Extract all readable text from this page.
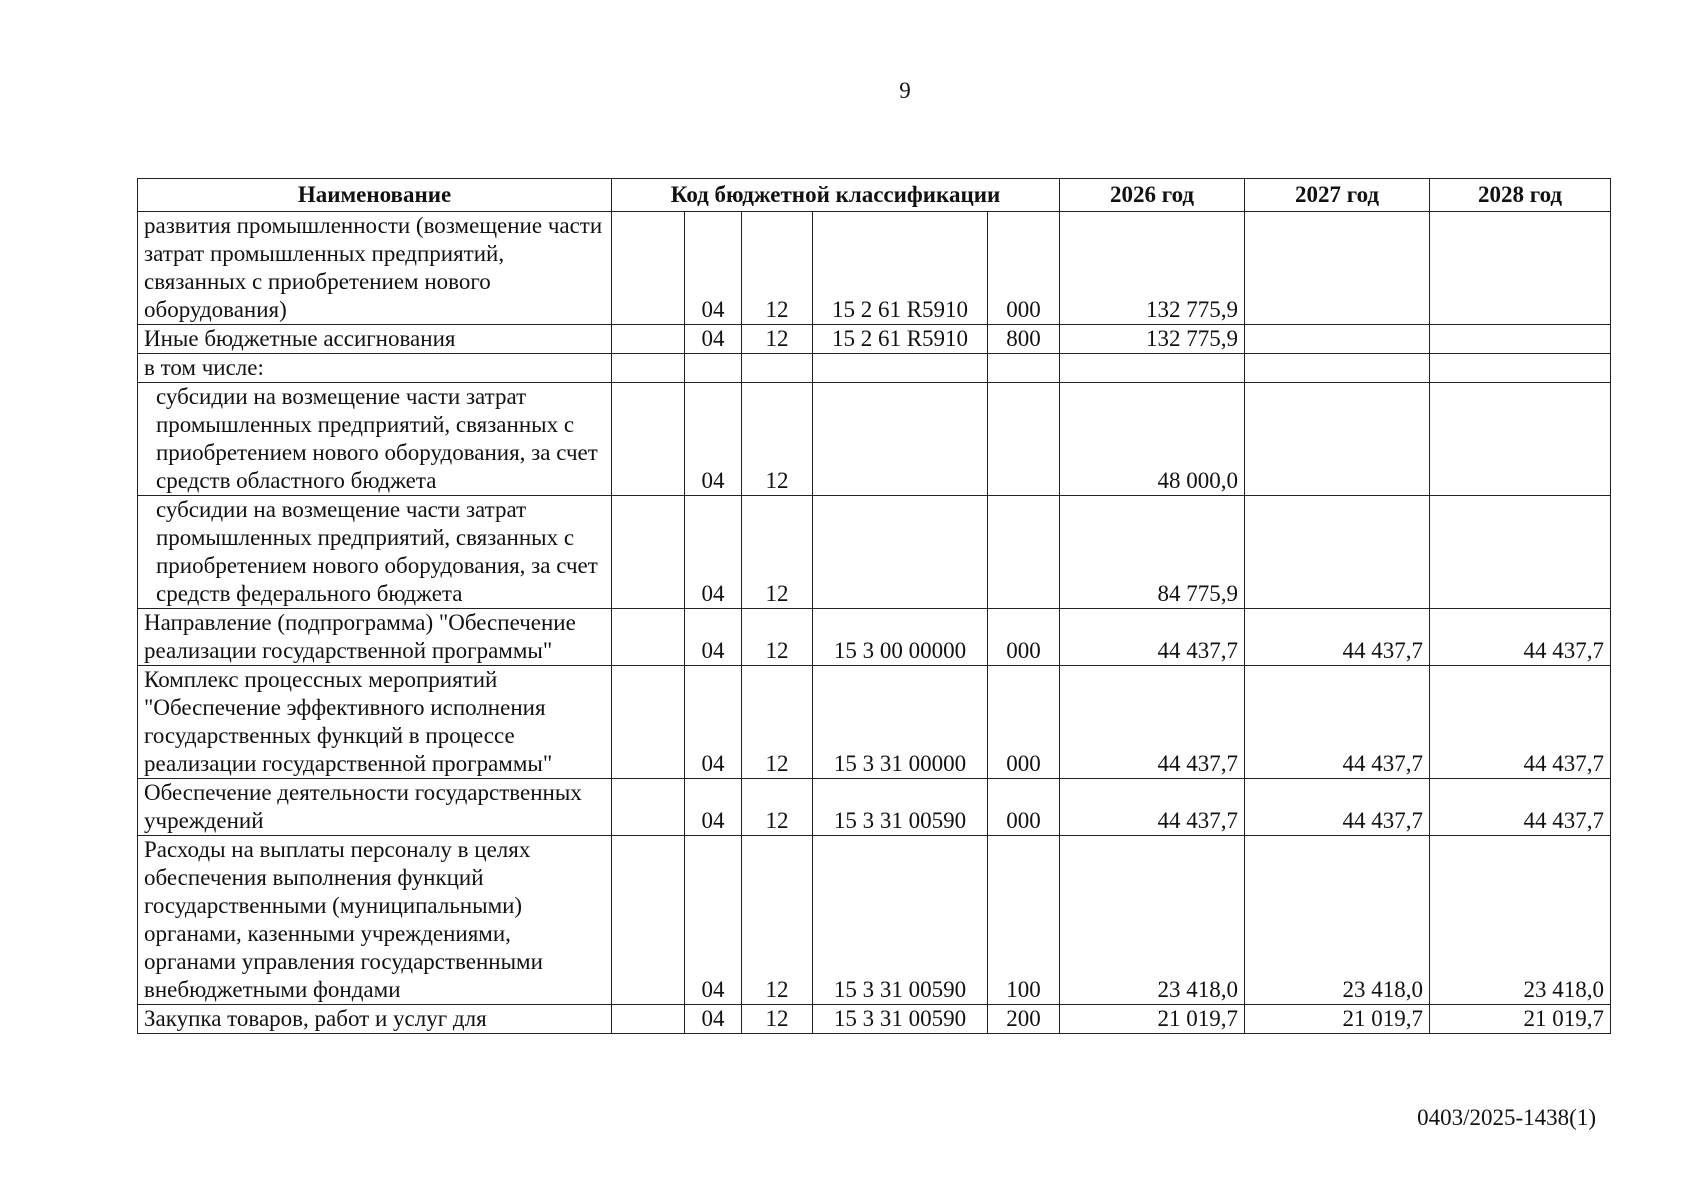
9
Наименование	Код бюджетной классификации					2026 год	2027 год	2028 год
развития промышленности (возмещение части затрат промышленных предприятий, связанных с приобретением нового оборудования)		04	12	15 2 61 R5910	000	132 775,9		
Иные бюджетные ассигнования		04	12	15 2 61 R5910	800	132 775,9		
в том числе:								
субсидии на возмещение части затрат промышленных предприятий, связанных с приобретением нового оборудования, за счет средств областного бюджета		04	12			48 000,0		
субсидии на возмещение части затрат промышленных предприятий, связанных с приобретением нового оборудования, за счет средств федерального бюджета		04	12			84 775,9		
Направление (подпрограмма) "Обеспечение реализации государственной программы"		04	12	15 3 00 00000	000	44 437,7	44 437,7	44 437,7
Комплекс процессных мероприятий "Обеспечение эффективного исполнения государственных функций в процессе реализации государственной программы"		04	12	15 3 31 00000	000	44 437,7	44 437,7	44 437,7
Обеспечение деятельности государственных учреждений		04	12	15 3 31 00590	000	44 437,7	44 437,7	44 437,7
Расходы на выплаты персоналу в целях обеспечения выполнения функций государственными (муниципальными) органами, казенными учреждениями, органами управления государственными внебюджетными фондами		04	12	15 3 31 00590	100	23 418,0	23 418,0	23 418,0
Закупка товаров, работ и услуг для		04	12	15 3 31 00590	200	21 019,7	21 019,7	21 019,7
0403/2025-1438(1)
